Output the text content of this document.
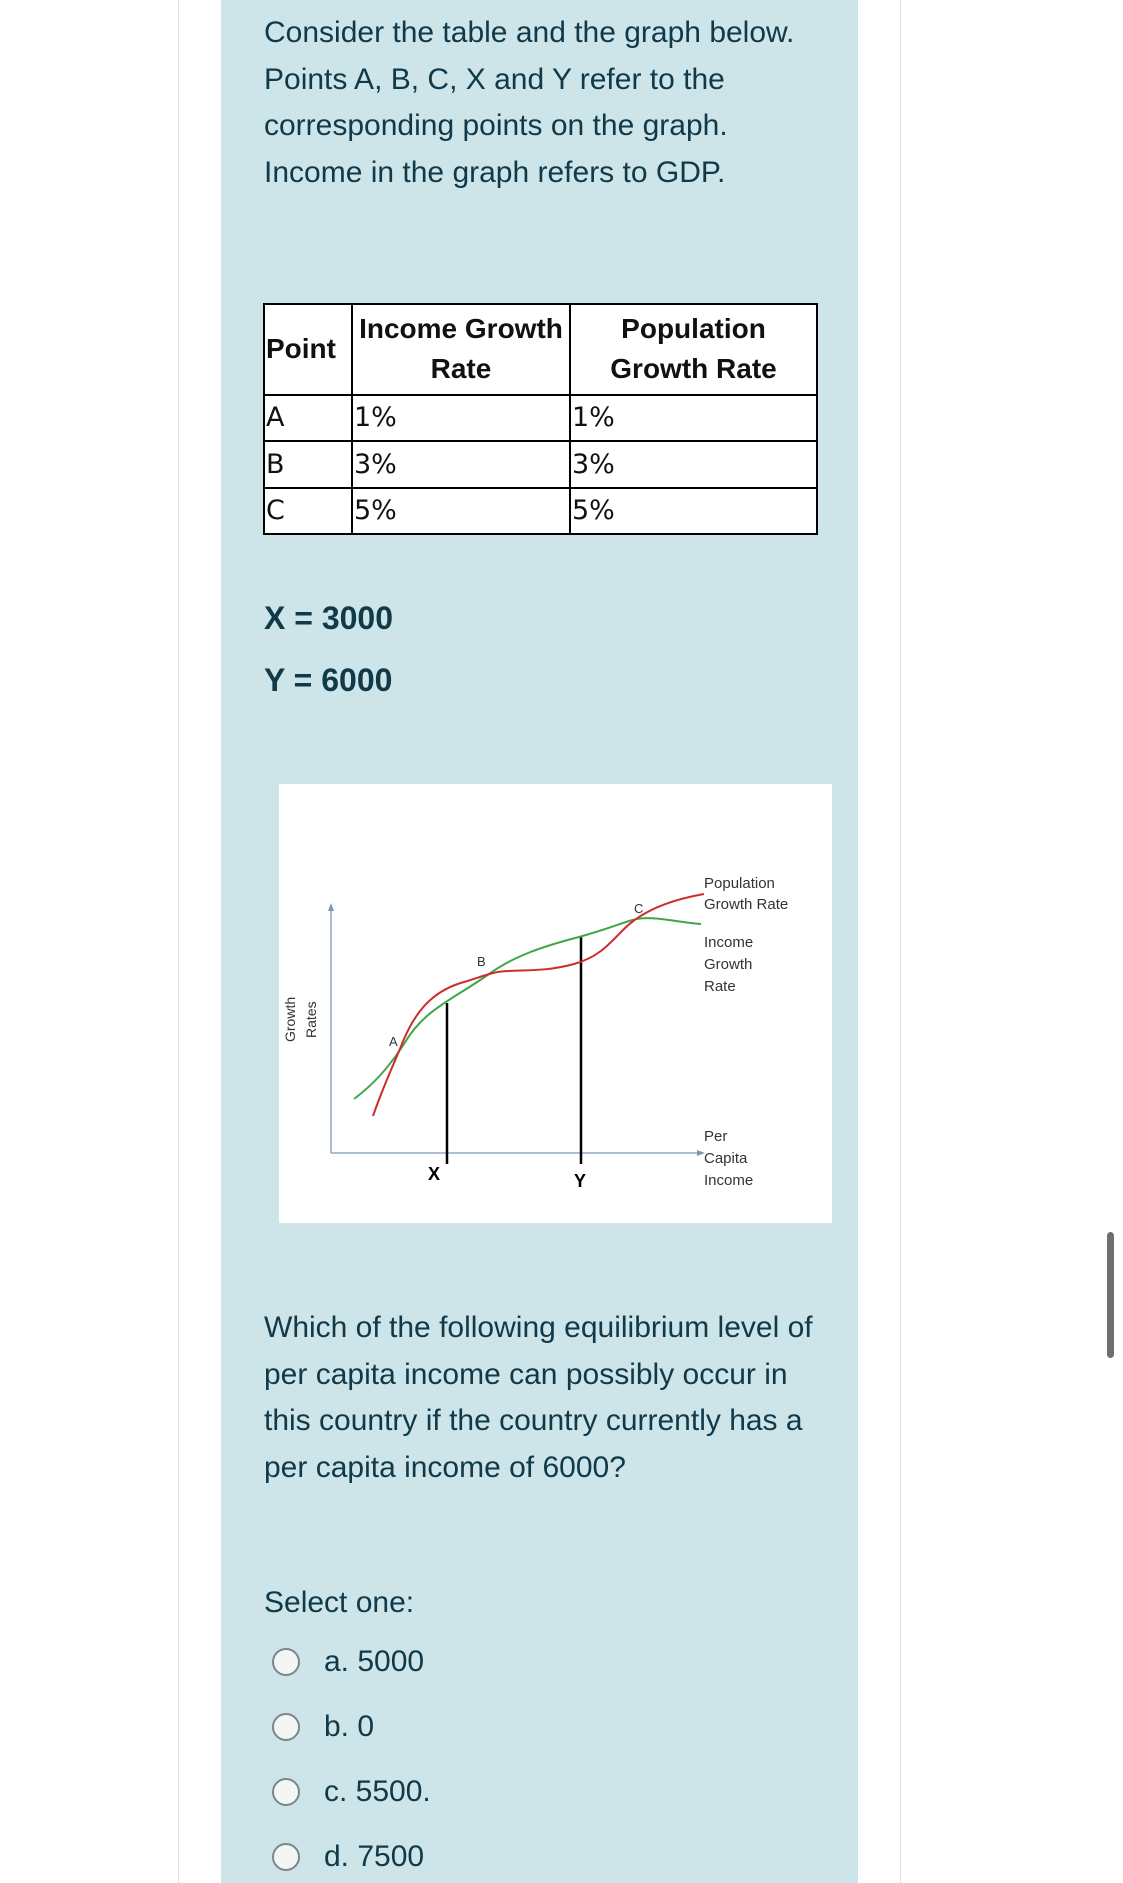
Consider the table and the graph below. Points A, B, C, X and Y refer to the corresponding points on the graph. Income in the graph refers to GDP.

Point	Income Growth Rate	Population Growth Rate
A	1%	1%
B	3%	3%
C	5%	5%
X = 3000
Y = 6000
A
B
C
X	Y
Growth Rates
Population
Growth Rate
Income
Growth
Rate
Per
Capita
Income

Which of the following equilibrium level of per capita income can possibly occur in this country if the country currently has a per capita income of 6000?

Select one:
a. 5000
b. 0
c. 5500.
d. 7500
